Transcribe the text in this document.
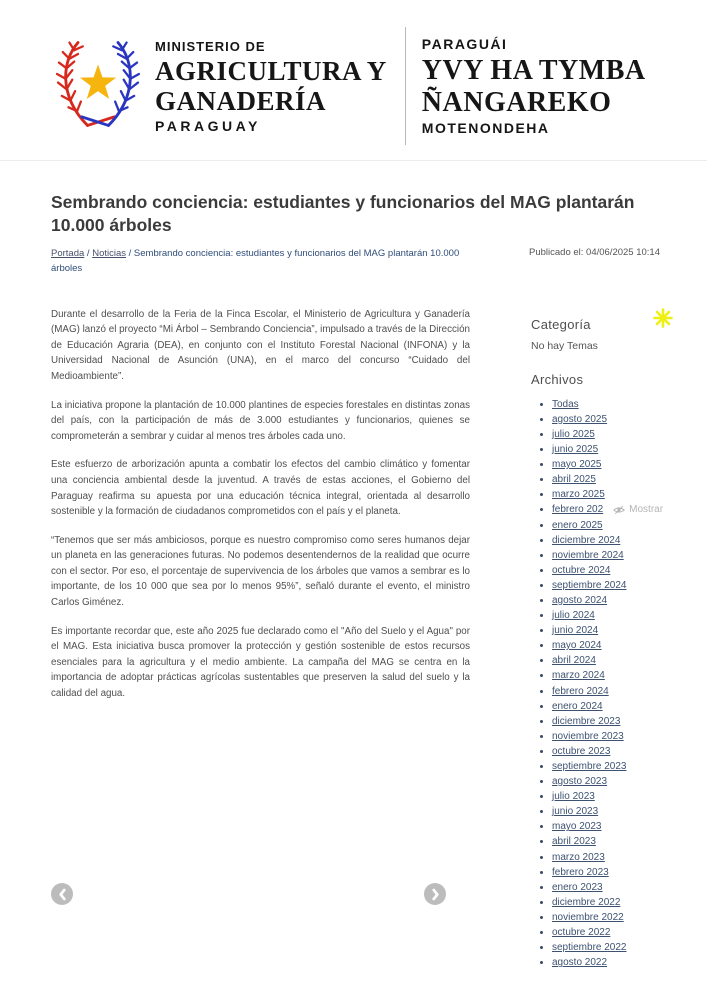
MINISTERIO DE
AGRICULTURA Y
GANADERÍA
PARAGUAY
PARAGUÁI
YVY HA TYMBA
ÑANGAREKO
MOTENONDEHA
Sembrando conciencia: estudiantes y funcionarios del MAG plantarán 10.000 árboles
Portada / Noticias / Sembrando conciencia: estudiantes y funcionarios del MAG plantarán 10.000 árboles
Publicado el: 04/06/2025 10:14

Durante el desarrollo de la Feria de la Finca Escolar, el Ministerio de Agricultura y Ganadería (MAG) lanzó el proyecto “Mi Árbol – Sembrando Conciencia”, impulsado a través de la Dirección de Educación Agraria (DEA), en conjunto con el Instituto Forestal Nacional (INFONA) y la Universidad Nacional de Asunción (UNA), en el marco del concurso “Cuidado del Medioambiente”.

La iniciativa propone la plantación de 10.000 plantines de especies forestales en distintas zonas del país, con la participación de más de 3.000 estudiantes y funcionarios, quienes se comprometerán a sembrar y cuidar al menos tres árboles cada uno.

Este esfuerzo de arborización apunta a combatir los efectos del cambio climático y fomentar una conciencia ambiental desde la juventud. A través de estas acciones, el Gobierno del Paraguay reafirma su apuesta por una educación técnica integral, orientada al desarrollo sostenible y la formación de ciudadanos comprometidos con el país y el planeta.

“Tenemos que ser más ambiciosos, porque es nuestro compromiso como seres humanos dejar un planeta en las generaciones futuras. No podemos desentendernos de la realidad que ocurre con el sector. Por eso, el porcentaje de supervivencia de los árboles que vamos a sembrar es lo importante, de los 10 000 que sea por lo menos 95%”, señaló durante el evento, el ministro Carlos Giménez.

Es importante recordar que, este año 2025 fue declarado como el "Año del Suelo y el Agua" por el MAG. Esta iniciativa busca promover la protección y gestión sostenible de estos recursos esenciales para la agricultura y el medio ambiente. La campaña del MAG se centra en la importancia de adoptar prácticas agrícolas sustentables que preserven la salud del suelo y la calidad del agua.

Categoría

No hay Temas

Archivos
• Todas
• agosto 2025
• julio 2025
• junio 2025
• mayo 2025
• abril 2025
• marzo 2025
• febrero 202	Mostrar
• enero 2025
• diciembre 2024
• noviembre 2024
• octubre 2024
• septiembre 2024
• agosto 2024
• julio 2024
• junio 2024
• mayo 2024
• abril 2024
• marzo 2024
• febrero 2024
• enero 2024
• diciembre 2023
• noviembre 2023
• octubre 2023
• septiembre 2023
• agosto 2023
• julio 2023
• junio 2023
• mayo 2023
• abril 2023
• marzo 2023
• febrero 2023
• enero 2023
• diciembre 2022
• noviembre 2022
• octubre 2022
• septiembre 2022
• agosto 2022
